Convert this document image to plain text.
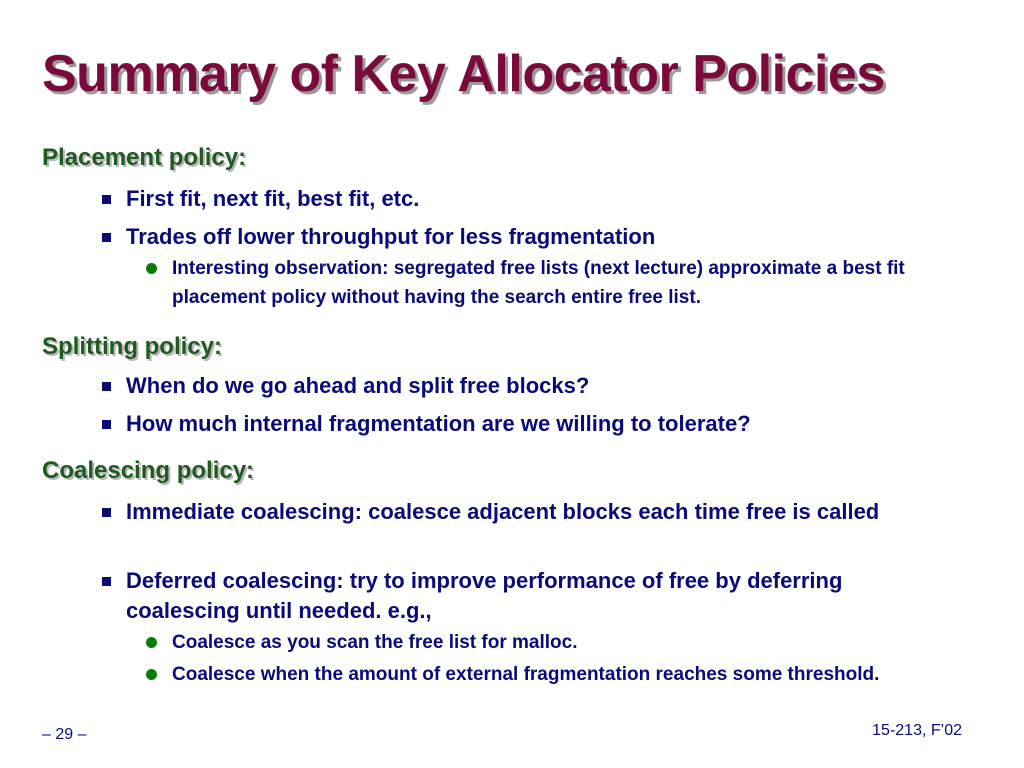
Summary of Key Allocator Policies
Placement policy:
First fit, next fit, best fit, etc.
Trades off lower throughput for less fragmentation
Interesting observation: segregated free lists (next lecture) approximate a best fit placement policy without having the search entire free list.
Splitting policy:
When do we go ahead and split free blocks?
How much internal fragmentation are we willing to tolerate?
Coalescing policy:
Immediate coalescing: coalesce adjacent blocks each time free is called
Deferred coalescing: try to improve performance of free by deferring coalescing until needed. e.g.,
Coalesce as you scan the free list for malloc.
Coalesce when the amount of external fragmentation reaches some threshold.
– 29 –	15-213, F’02
